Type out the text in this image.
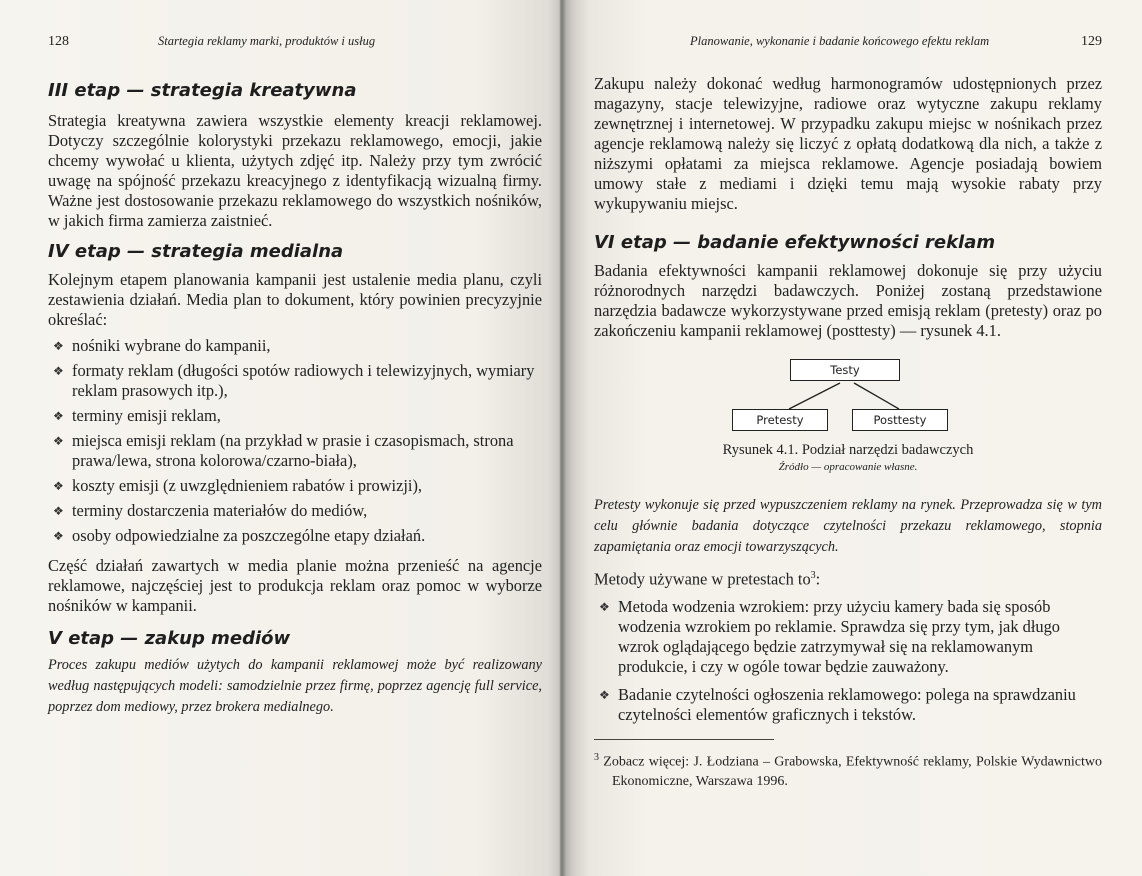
128	Startegia reklamy marki, produktów i usług
III etap — strategia kreatywna

Strategia kreatywna zawiera wszystkie elementy kreacji reklamowej. Dotyczy szczególnie kolorystyki przekazu reklamowego, emocji, jakie chcemy wywołać u klienta, użytych zdjęć itp. Należy przy tym zwrócić uwagę na spójność przekazu kreacyjnego z identyfikacją wizualną firmy. Ważne jest dostosowanie przekazu reklamowego do wszystkich nośników, w jakich firma zamierza zaistnieć.

IV etap — strategia medialna

Kolejnym etapem planowania kampanii jest ustalenie media planu, czyli zestawienia działań. Media plan to dokument, który powinien precyzyjnie określać:

❖ nośniki wybrane do kampanii,
❖ formaty reklam (długości spotów radiowych i telewizyjnych, wymiary reklam prasowych itp.),
❖ terminy emisji reklam,
❖ miejsca emisji reklam (na przykład w prasie i czasopismach, strona prawa/lewa, strona kolorowa/czarno-biała),
❖ koszty emisji (z uwzględnieniem rabatów i prowizji),
❖ terminy dostarczenia materiałów do mediów,
❖ osoby odpowiedzialne za poszczególne etapy działań.

Część działań zawartych w media planie można przenieść na agencje reklamowe, najczęściej jest to produkcja reklam oraz pomoc w wyborze nośników w kampanii.

V etap — zakup mediów

Proces zakupu mediów użytych do kampanii reklamowej może być realizowany według następujących modeli: samodzielnie przez firmę, poprzez agencję full service, poprzez dom mediowy, przez brokera medialnego.

Planowanie, wykonanie i badanie końcowego efektu reklam	129

Zakupu należy dokonać według harmonogramów udostępnionych przez magazyny, stacje telewizyjne, radiowe oraz wytyczne zakupu reklamy zewnętrznej i internetowej. W przypadku zakupu miejsc w nośnikach przez agencje reklamową należy się liczyć z opłatą dodatkową dla nich, a także z niższymi opłatami za miejsca reklamowe. Agencje posiadają bowiem umowy stałe z mediami i dzięki temu mają wysokie rabaty przy wykupywaniu miejsc.

VI etap — badanie efektywności reklam

Badania efektywności kampanii reklamowej dokonuje się przy użyciu różnorodnych narzędzi badawczych. Poniżej zostaną przedstawione narzędzia badawcze wykorzystywane przed emisją reklam (pretesty) oraz po zakończeniu kampanii reklamowej (posttesty) — rysunek 4.1.

Testy
Pretesty	Posttesty
Rysunek 4.1. Podział narzędzi badawczych
Źródło — opracowanie własne.

Pretesty wykonuje się przed wypuszczeniem reklamy na rynek. Przeprowadza się w tym celu głównie badania dotyczące czytelności przekazu reklamowego, stopnia zapamiętania oraz emocji towarzyszących.

Metody używane w pretestach $to^3$:

❖ Metoda wodzenia wzrokiem: przy użyciu kamery bada się sposób wodzenia wzrokiem po reklamie. Sprawdza się przy tym, jak długo wzrok oglądającego będzie zatrzymywał się na reklamowanym produkcie, i czy w ogóle towar będzie zauważony.
❖ Badanie czytelności ogłoszenia reklamowego: polega na sprawdzaniu czytelności elementów graficznych i tekstów.

$^3$ Zobacz więcej: J. Łodziana – Grabowska, Efektywność reklamy, Polskie Wydawnictwo Ekonomiczne, Warszawa 1996.
